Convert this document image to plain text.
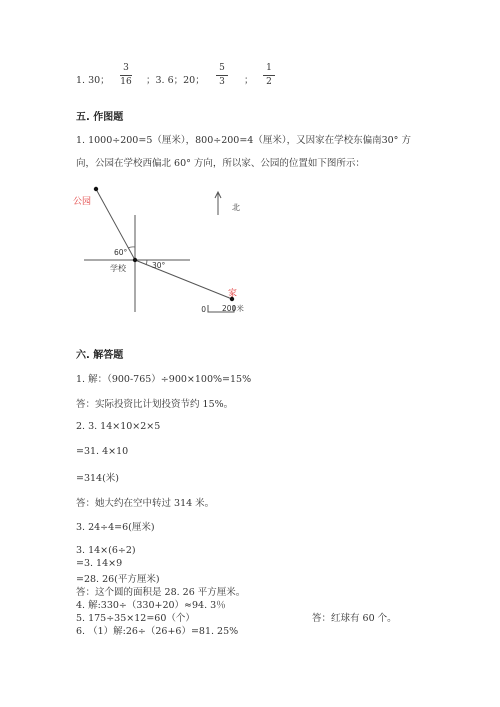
1. 30；
3
16 ；3. 6；20；
5
3 ；
1
2
五. 作图题
1. 1000÷200=5（厘米），800÷200=4（厘米），又因家在学校东偏南30° 方
向，公园在学校西偏北 60° 方向，所以家、公园的位置如下图所示：
公园
60°
30°
学校
家
北
0 200米
六. 解答题
1. 解：（900-765）÷900×100%=15%
答：实际投资比计划投资节约 15%。
2. 3. 14×10×2×5
=31. 4×10
=314(米)
答：她大约在空中转过 314 米。
3. 24÷4=6(厘米)
3. 14×(6÷2)
=3. 14×9
=28. 26(平方厘米)
答：这个圆的面积是 28. 26 平方厘米。
4. 解:330÷（330+20）≈94. 3％
5. 175÷35×12=60（个）	答：红球有 60 个。
6. （1）解:26÷（26+6）=81. 25%
